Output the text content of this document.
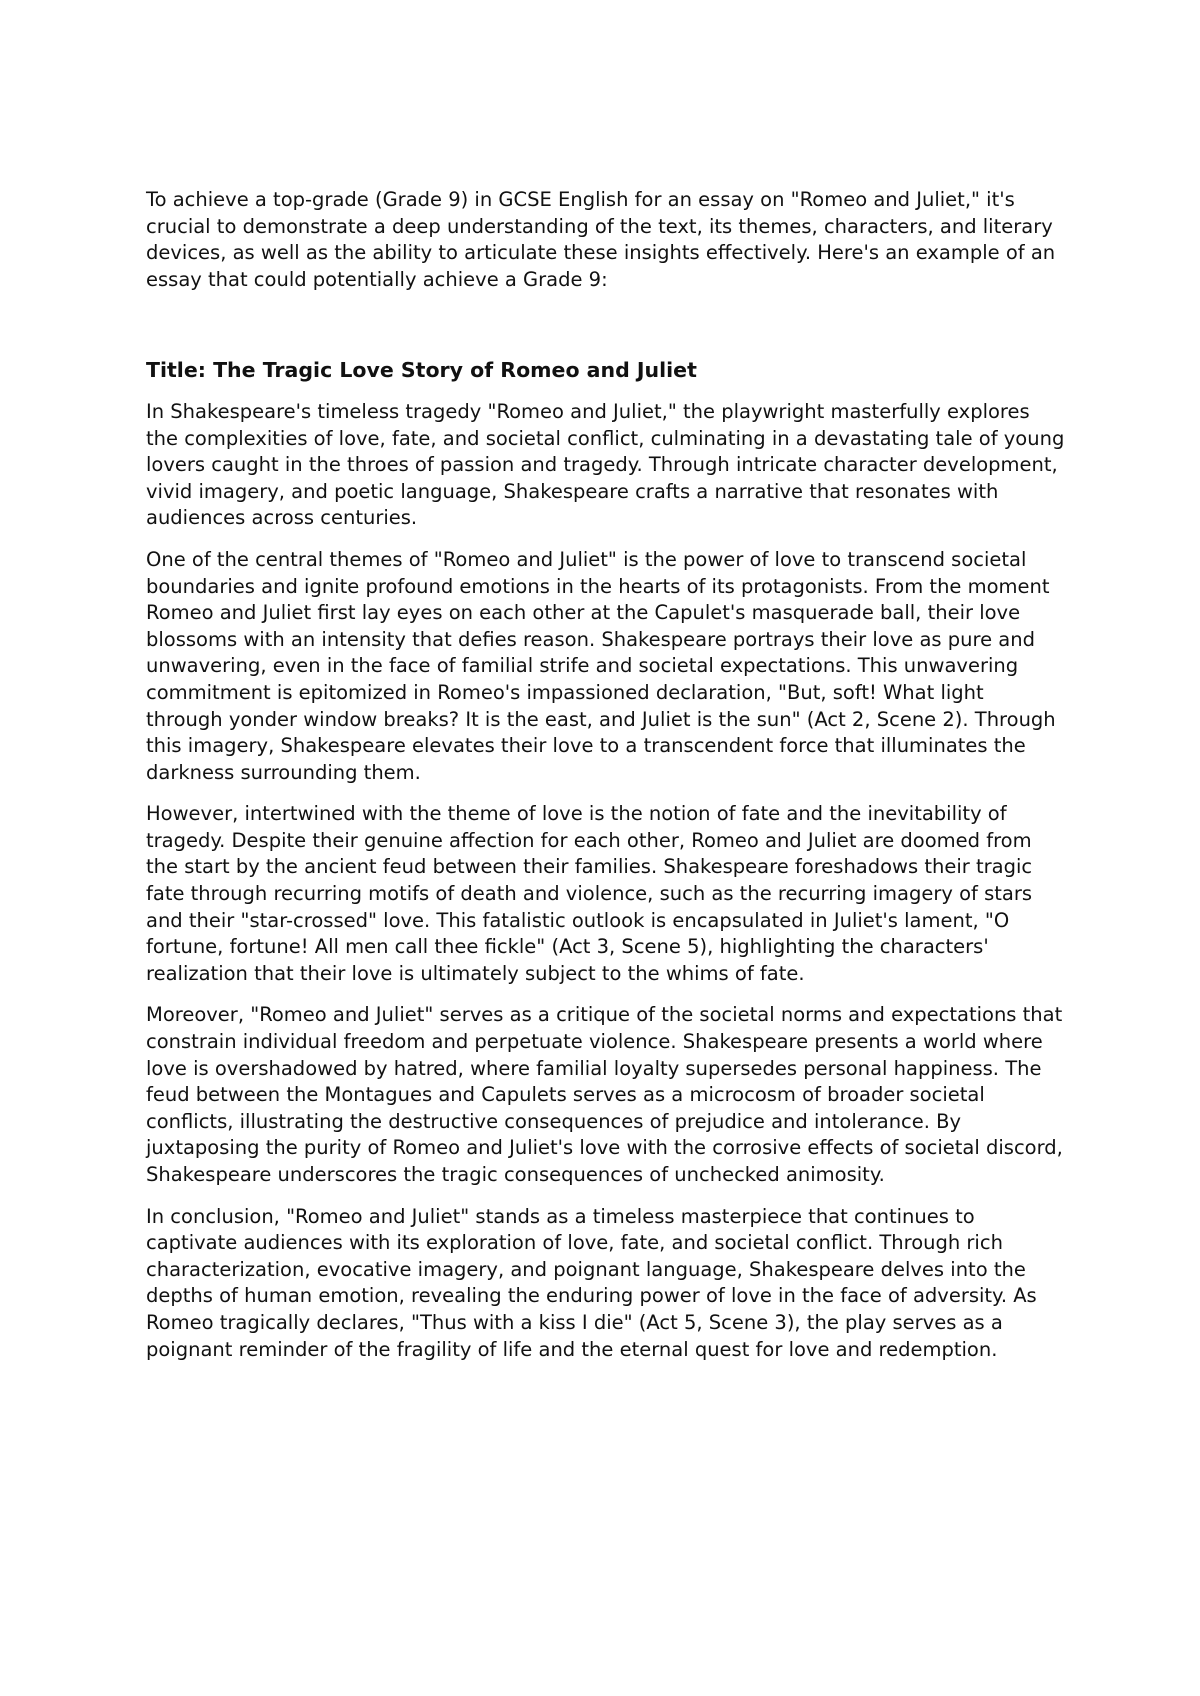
To achieve a top-grade (Grade 9) in GCSE English for an essay on "Romeo and Juliet," it's crucial to demonstrate a deep understanding of the text, its themes, characters, and literary devices, as well as the ability to articulate these insights effectively. Here's an example of an essay that could potentially achieve a Grade 9:

Title: The Tragic Love Story of Romeo and Juliet

In Shakespeare's timeless tragedy "Romeo and Juliet," the playwright masterfully explores the complexities of love, fate, and societal conflict, culminating in a devastating tale of young lovers caught in the throes of passion and tragedy. Through intricate character development, vivid imagery, and poetic language, Shakespeare crafts a narrative that resonates with audiences across centuries.

One of the central themes of "Romeo and Juliet" is the power of love to transcend societal boundaries and ignite profound emotions in the hearts of its protagonists. From the moment Romeo and Juliet first lay eyes on each other at the Capulet's masquerade ball, their love blossoms with an intensity that defies reason. Shakespeare portrays their love as pure and unwavering, even in the face of familial strife and societal expectations. This unwavering commitment is epitomized in Romeo's impassioned declaration, "But, soft! What light through yonder window breaks? It is the east, and Juliet is the sun" (Act 2, Scene 2). Through this imagery, Shakespeare elevates their love to a transcendent force that illuminates the darkness surrounding them.

However, intertwined with the theme of love is the notion of fate and the inevitability of tragedy. Despite their genuine affection for each other, Romeo and Juliet are doomed from the start by the ancient feud between their families. Shakespeare foreshadows their tragic fate through recurring motifs of death and violence, such as the recurring imagery of stars and their "star-crossed" love. This fatalistic outlook is encapsulated in Juliet's lament, "O fortune, fortune! All men call thee fickle" (Act 3, Scene 5), highlighting the characters' realization that their love is ultimately subject to the whims of fate.

Moreover, "Romeo and Juliet" serves as a critique of the societal norms and expectations that constrain individual freedom and perpetuate violence. Shakespeare presents a world where love is overshadowed by hatred, where familial loyalty supersedes personal happiness. The feud between the Montagues and Capulets serves as a microcosm of broader societal conflicts, illustrating the destructive consequences of prejudice and intolerance. By juxtaposing the purity of Romeo and Juliet's love with the corrosive effects of societal discord, Shakespeare underscores the tragic consequences of unchecked animosity.

In conclusion, "Romeo and Juliet" stands as a timeless masterpiece that continues to captivate audiences with its exploration of love, fate, and societal conflict. Through rich characterization, evocative imagery, and poignant language, Shakespeare delves into the depths of human emotion, revealing the enduring power of love in the face of adversity. As Romeo tragically declares, "Thus with a kiss I die" (Act 5, Scene 3), the play serves as a poignant reminder of the fragility of life and the eternal quest for love and redemption.
